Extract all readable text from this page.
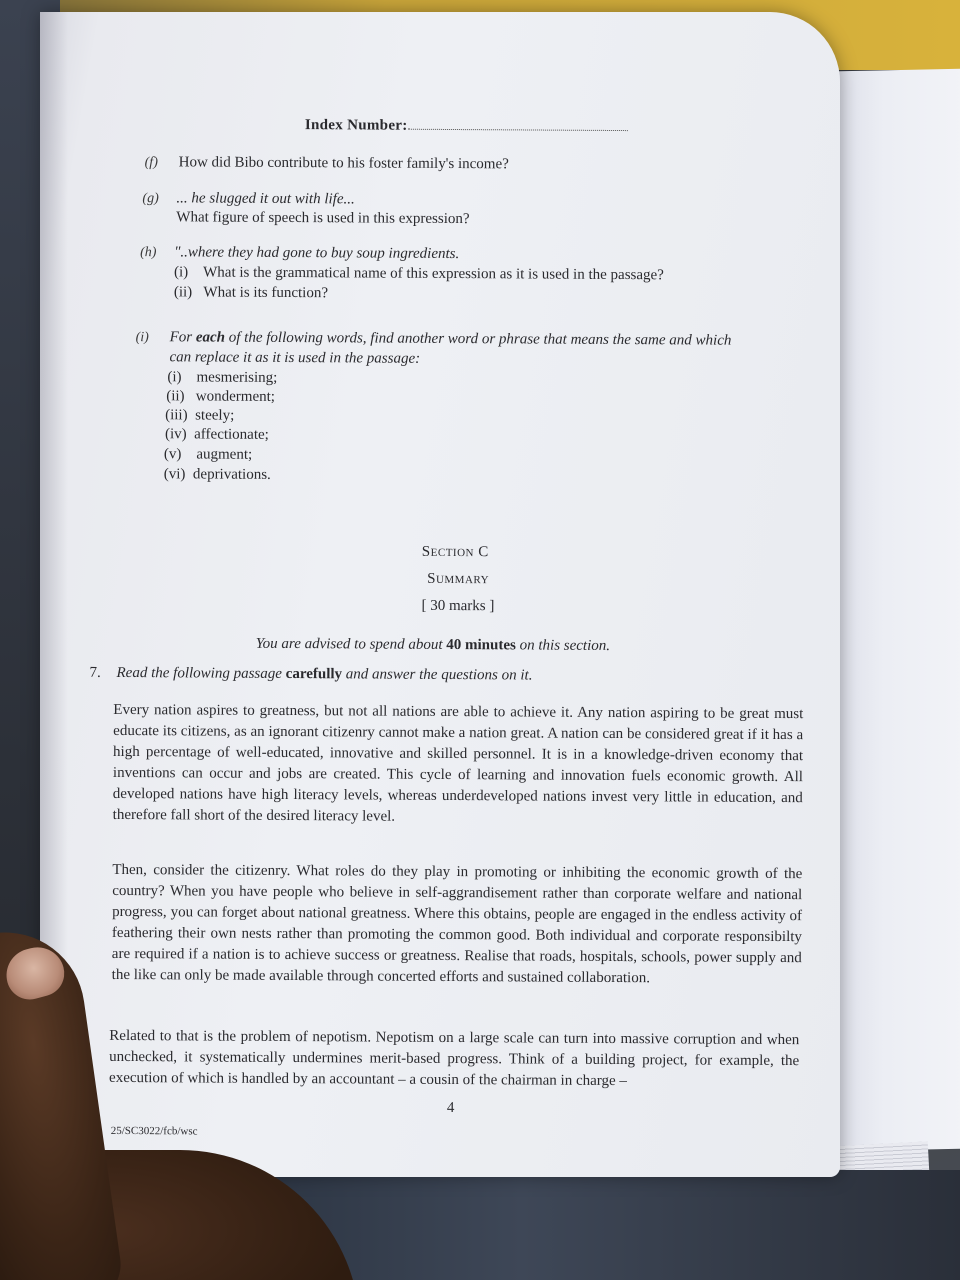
Index Number:
(f) How did Bibo contribute to his foster family's income?
(g) ... he slugged it out with life...
What figure of speech is used in this expression?
(h) "..where they had gone to buy soup ingredients.
(i) What is the grammatical name of this expression as it is used in the passage?
(ii) What is its function?
(i) For each of the following words, find another word or phrase that means the same and which
can replace it as it is used in the passage:
(i) mesmerising;
(ii) wonderment;
(iii) steely;
(iv) affectionate;
(v) augment;
(vi) deprivations.
Section C
Summary
[ 30 marks ]
You are advised to spend about 40 minutes on this section.
7. Read the following passage carefully and answer the questions on it.
Every nation aspires to greatness, but not all nations are able to achieve it. Any nation aspiring to be great must educate its citizens, as an ignorant citizenry cannot make a nation great. A nation can be considered great if it has a high percentage of well-educated, innovative and skilled personnel. It is in a knowledge-driven economy that inventions can occur and jobs are created. This cycle of learning and innovation fuels economic growth. All developed nations have high literacy levels, whereas underdeveloped nations invest very little in education, and therefore fall short of the desired literacy level.
Then, consider the citizenry. What roles do they play in promoting or inhibiting the economic growth of the country? When you have people who believe in self-aggrandisement rather than corporate welfare and national progress, you can forget about national greatness. Where this obtains, people are engaged in the endless activity of feathering their own nests rather than promoting the common good. Both individual and corporate responsibilty are required if a nation is to achieve success or greatness. Realise that roads, hospitals, schools, power supply and the like can only be made available through concerted efforts and sustained collaboration.
Related to that is the problem of nepotism. Nepotism on a large scale can turn into massive corruption and when unchecked, it systematically undermines merit-based progress. Think of a building project, for example, the execution of which is handled by an accountant – a cousin of the chairman in charge –
4
25/SC3022/fcb/wsc
